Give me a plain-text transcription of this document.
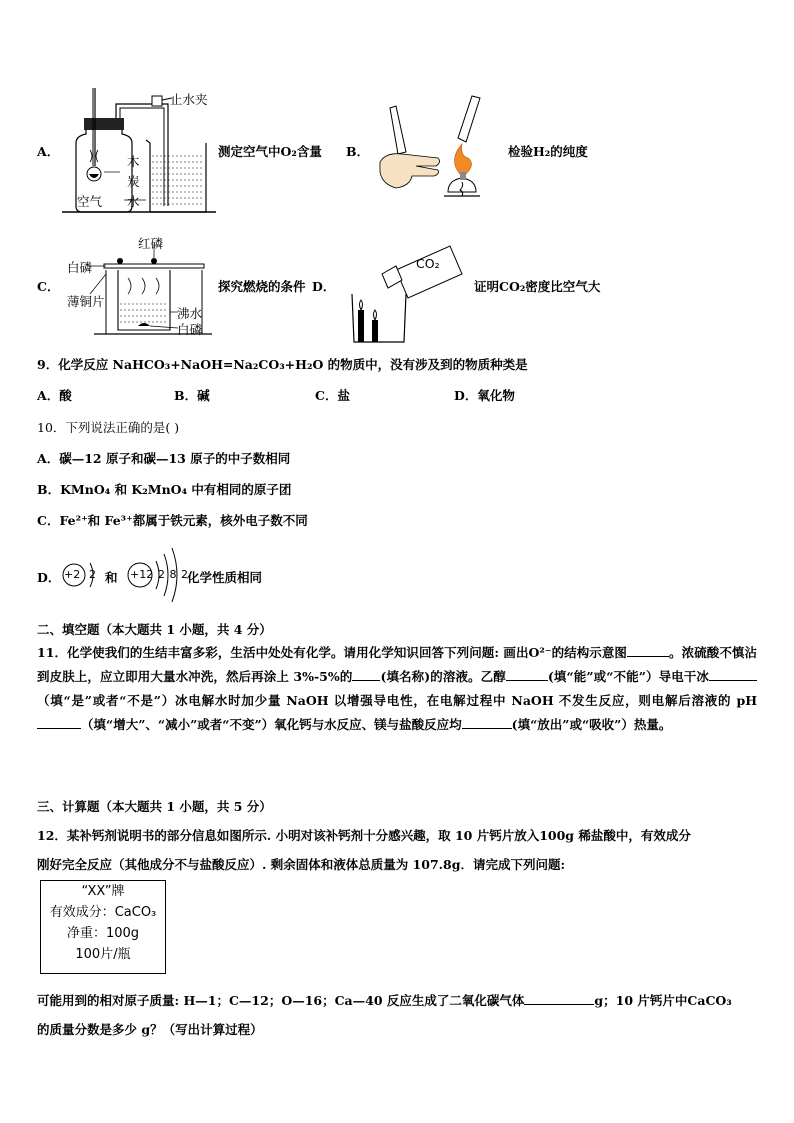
A．
止水夹
木
炭
水
空气
测定空气中O₂含量 B．	检验H₂的纯度
C．
红磷
白磷
薄铜片
沸水
白磷
探究燃烧的条件 D．
CO₂
证明CO₂密度比空气大
9．化学反应 NaHCO₃+NaOH=Na₂CO₃+H₂O 的物质中，没有涉及到的物质种类是
A．酸	B．碱	C．盐	D．氧化物
10．下列说法正确的是( )
A．碳—12 原子和碳—13 原子的中子数相同
B．KMnO₄ 和 K₂MnO₄ 中有相同的原子团
C．Fe²⁺和 Fe³⁺都属于铁元素，核外电子数不同
D． +2 2 和 +12 2 8 2 化学性质相同
二、填空题（本大题共 1 小题，共 4 分）
11．化学使我们的生结丰富多彩，生活中处处有化学。请用化学知识回答下列问题: 画出O²⁻的结构示意图	。浓硫酸不慎沾到皮肤上，应立即用大量水冲洗，然后再涂上 3%-5%的 (填名称)的溶液。乙醇	(填“能”或“不能”）导电干冰（填“是”或者“不是”）冰电解水时加少量 NaOH 以增强导电性，在电解过程中 NaOH 不发生反应，则电解后溶液的 pH（填“增大”、“减小”或者“不变”）氧化钙与水反应、镁与盐酸反应均	(填“放出”或“吸收”）热量。
三、计算题（本大题共 1 小题，共 5 分）
12．某补钙剂说明书的部分信息如图所示. 小明对该补钙剂十分感兴趣，取 10 片钙片放入100g 稀盐酸中，有效成分
刚好完全反应（其他成分不与盐酸反应）. 剩余固体和液体总质量为 107.8g．请完成下列问题:
“XX”牌
有效成分：CaCO₃
净重：100g
100片/瓶
可能用到的相对原子质量: H—1；C—12；O—16；Ca—40 反应生成了二氧化碳气体	g；10 片钙片中CaCO₃
的质量分数是多少 g？（写出计算过程）
